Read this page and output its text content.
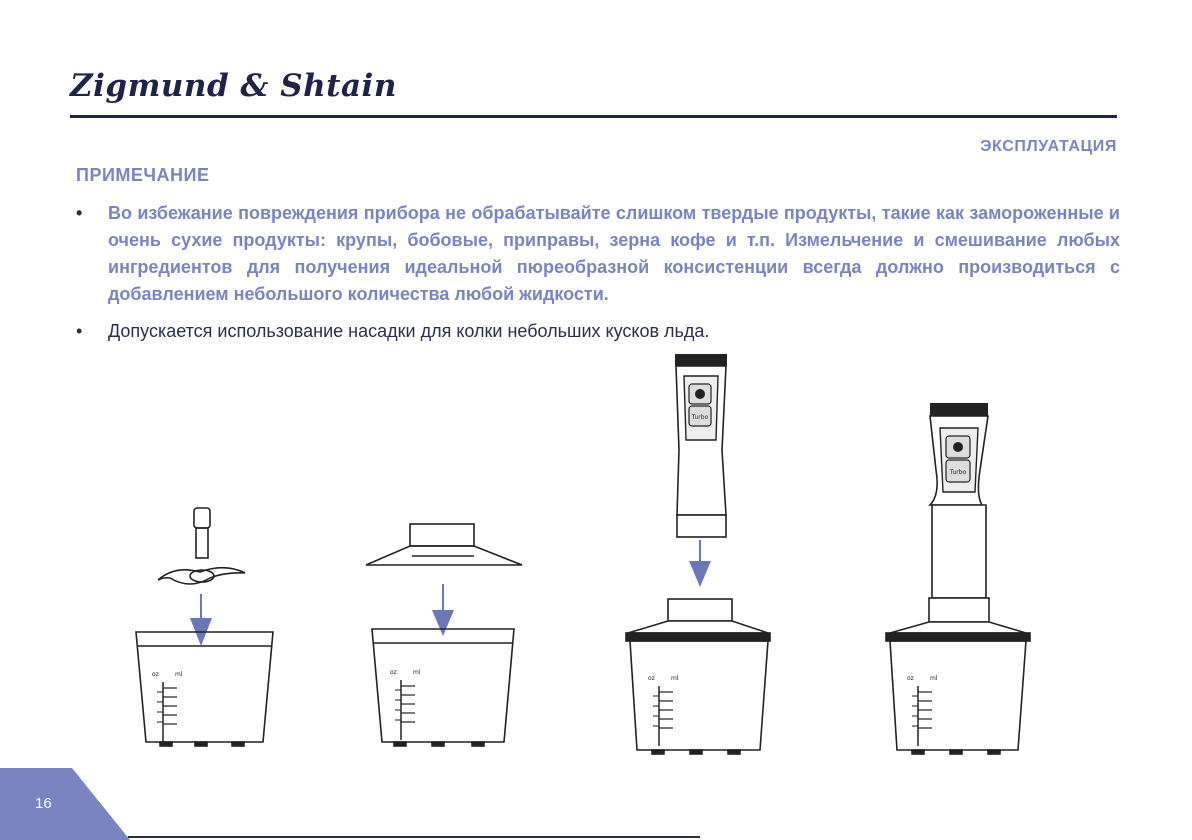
Zigmund & Shtain
ЭКСПЛУАТАЦИЯ
ПРИМЕЧАНИЕ
• Во избежание повреждения прибора не обрабатывайте слишком твердые продукты, такие как замороженные и очень сухие продукты: крупы, бобовые, приправы, зерна кофе и т.п. Измельчение и смешивание любых ингредиентов для получения идеальной пюреобразной консистенции всегда должно производиться с добавлением небольшого количества любой жидкости.
• Допускается использование насадки для колки небольших кусков льда.
oz	ml	oz	ml
Turbo
oz	ml
Turbo
oz	ml
16
